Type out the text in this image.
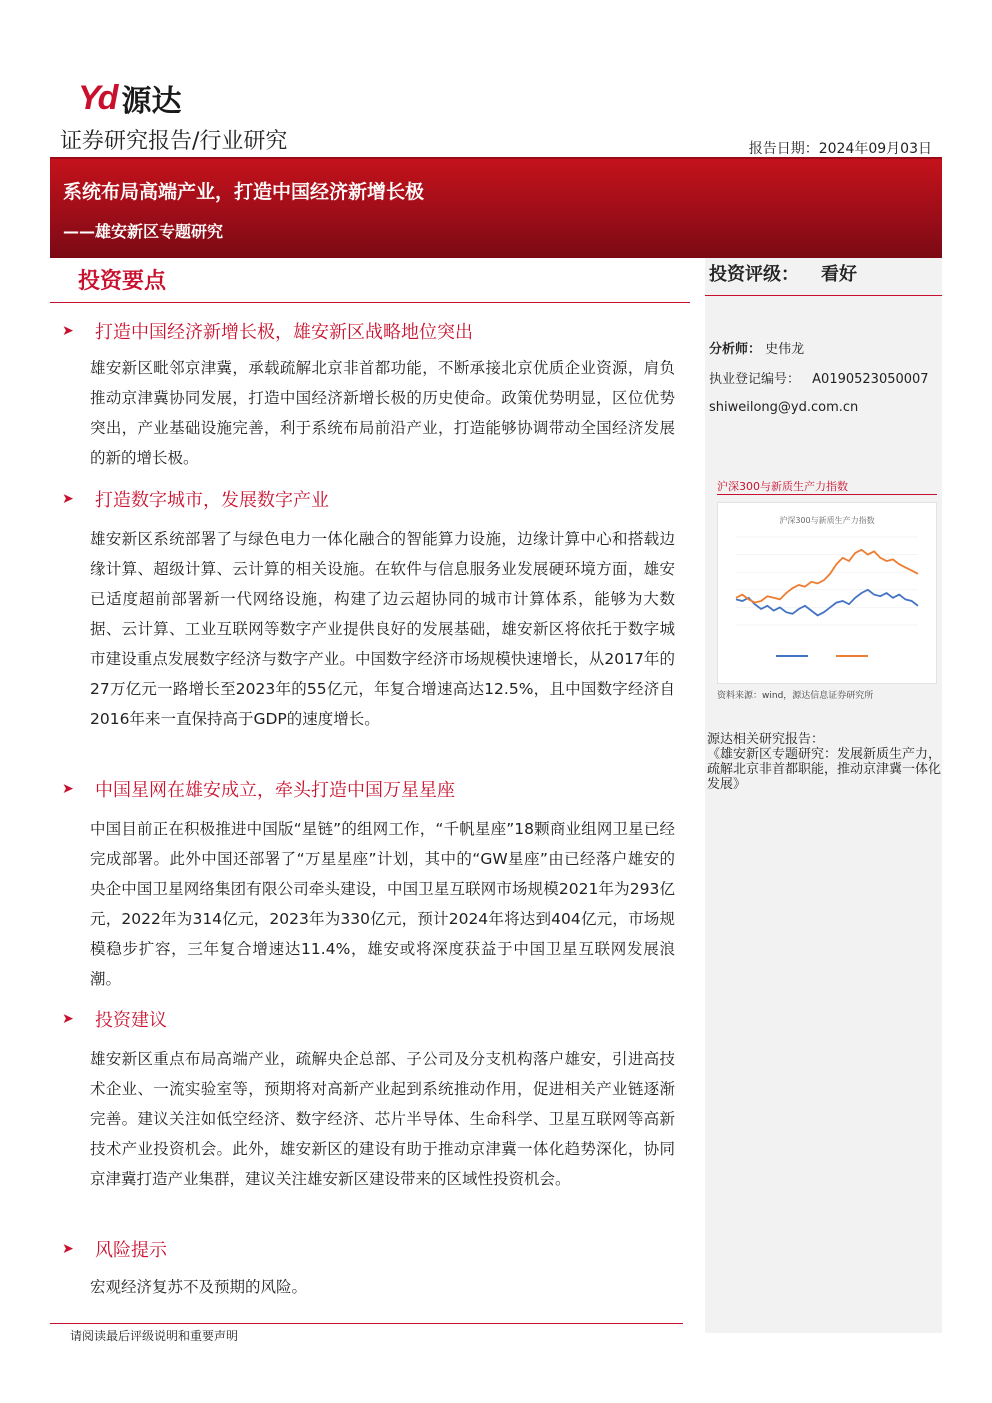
Yd 源达
证券研究报告/行业研究	报告日期：2024年09月03日
系统布局高端产业，打造中国经济新增长极
——雄安新区专题研究
投资要点
➤	打造中国经济新增长极，雄安新区战略地位突出
雄安新区毗邻京津冀，承载疏解北京非首都功能，不断承接北京优质企业资源，肩负推动京津冀协同发展，打造中国经济新增长极的历史使命。政策优势明显，区位优势突出，产业基础设施完善，利于系统布局前沿产业，打造能够协调带动全国经济发展的新的增长极。
➤	打造数字城市，发展数字产业
雄安新区系统部署了与绿色电力一体化融合的智能算力设施，边缘计算中心和搭载边缘计算、超级计算、云计算的相关设施。在软件与信息服务业发展硬环境方面，雄安已适度超前部署新一代网络设施，构建了边云超协同的城市计算体系，能够为大数据、云计算、工业互联网等数字产业提供良好的发展基础，雄安新区将依托于数字城市建设重点发展数字经济与数字产业。中国数字经济市场规模快速增长，从2017年的27万亿元一路增长至2023年的55亿元，年复合增速高达12.5%，且中国数字经济自2016年来一直保持高于GDP的速度增长。
➤	中国星网在雄安成立，牵头打造中国万星星座
中国目前正在积极推进中国版“星链”的组网工作，“千帆星座”18颗商业组网卫星已经完成部署。此外中国还部署了“万星星座”计划，其中的“GW星座”由已经落户雄安的央企中国卫星网络集团有限公司牵头建设，中国卫星互联网市场规模2021年为293亿元，2022年为314亿元，2023年为330亿元，预计2024年将达到404亿元，市场规模稳步扩容，三年复合增速达11.4%，雄安或将深度获益于中国卫星互联网发展浪潮。
➤	投资建议
雄安新区重点布局高端产业，疏解央企总部、子公司及分支机构落户雄安，引进高技术企业、一流实验室等，预期将对高新产业起到系统推动作用，促进相关产业链逐渐完善。建议关注如低空经济、数字经济、芯片半导体、生命科学、卫星互联网等高新技术产业投资机会。此外，雄安新区的建设有助于推动京津冀一体化趋势深化，协同京津冀打造产业集群，建议关注雄安新区建设带来的区域性投资机会。
➤	风险提示
宏观经济复苏不及预期的风险。
投资评级： 看好
分析师： 史伟龙
执业登记编号： A0190523050007
shiweilong@yd.com.cn
沪深300与新质生产力指数
沪深300与新质生产力指数
资料来源：wind，源达信息证券研究所
源达相关研究报告：
《雄安新区专题研究：发展新质生产力，疏解北京非首都职能，推动京津冀一体化发展》
请阅读最后评级说明和重要声明
